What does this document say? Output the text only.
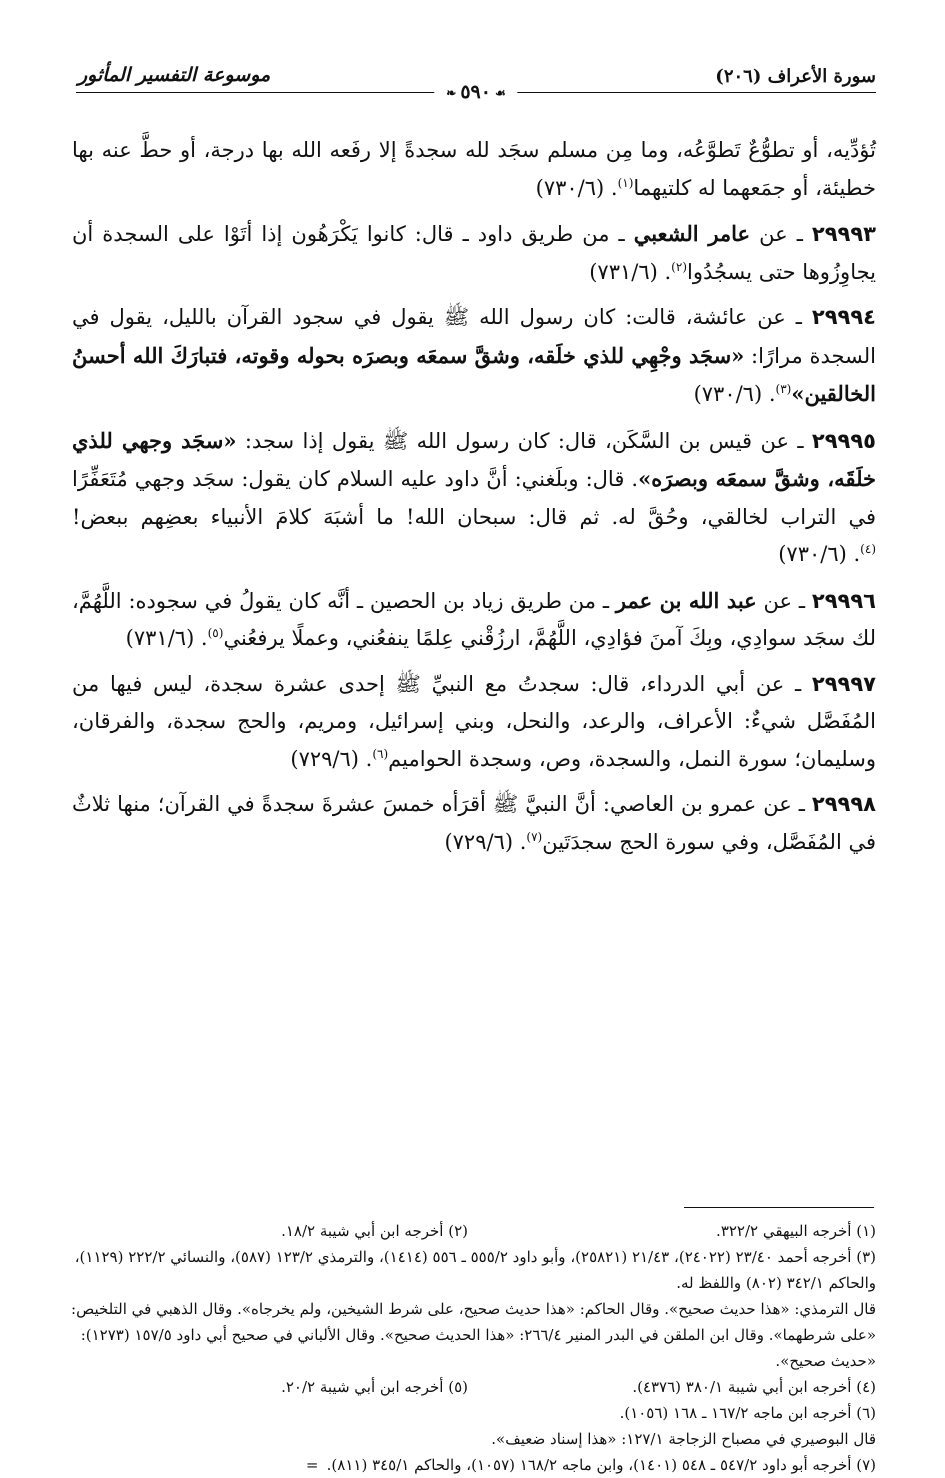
موسوعة التفسير المأثور	سورة الأعراف (٢٠٦)
❧ ٥٩٠ ☙

تُؤدِّيه، أو تطوُّعٌ تَطوَّعُه، وما مِن مسلم سجَد لله سجدةً إلا رفَعه الله بها درجة، أو حطَّ عنه بها خطيئة، أو جمَعهما له كلتيهما$^{(١)}$. (٧٣٠/٦)

٢٩٩٩٣ ـ عن عامر الشعبي ـ من طريق داود ـ قال: كانوا يَكْرَهُون إذا أتَوْا على السجدة أن يجاوِزُوها حتى يسجُدُوا$^{(٢)}$. (٧٣١/٦)

٢٩٩٩٤ ـ عن عائشة، قالت: كان رسول الله ﷺ يقول في سجود القرآن بالليل، يقول في السجدة مرارًا: «سجَد وجْهِي للذي خلَقه، وشقَّ سمعَه وبصرَه بحوله وقوته، فتبارَكَ الله أحسنُ الخالقين»$^{(٣)}$. (٧٣٠/٦)

٢٩٩٩٥ ـ عن قيس بن السَّكَن، قال: كان رسول الله ﷺ يقول إذا سجد: «سجَد وجهي للذي خلَقَه، وشقَّ سمعَه وبصرَه». قال: وبلَغني: أنَّ داود عليه السلام كان يقول: سجَد وجهي مُتَعَفِّرًا في التراب لخالقي، وحُقَّ له. ثم قال: سبحان الله! ما أشبَهَ كلامَ الأنبياء بعضِهم ببعض!$^{(٤)}$. (٧٣٠/٦)

٢٩٩٩٦ ـ عن عبد الله بن عمر ـ من طريق زياد بن الحصين ـ أنَّه كان يقولُ في سجوده: اللَّهُمَّ، لك سجَد سوادِي، وبِكَ آمنَ فؤادِي، اللَّهُمَّ، ارزُقْني عِلمًا ينفعُني، وعملًا يرفعُني$^{(٥)}$. (٧٣١/٦)

٢٩٩٩٧ ـ عن أبي الدرداء، قال: سجدتُ مع النبيِّ ﷺ إحدى عشرة سجدة، ليس فيها من المُفَصَّل شيءٌ: الأعراف، والرعد، والنحل، وبني إسرائيل، ومريم، والحج سجدة، والفرقان، وسليمان؛ سورة النمل، والسجدة، وص، وسجدة الحواميم$^{(٦)}$. (٧٢٩/٦)

٢٩٩٩٨ ـ عن عمرو بن العاصي: أنَّ النبيَّ ﷺ أقرَأه خمسَ عشرةَ سجدةً في القرآن؛ منها ثلاثٌ في المُفَصَّل، وفي سورة الحج سجدَتَين$^{(٧)}$. (٧٢٩/٦)

(١) أخرجه البيهقي ٣٢٢/٢.
(٢) أخرجه ابن أبي شيبة ١٨/٢.

(٣) أخرجه أحمد ٢٣/٤٠ (٢٤٠٢٢)، ٢١/٤٣ (٢٥٨٢١)، وأبو داود ٥٥٥/٢ ـ ٥٥٦ (١٤١٤)، والترمذي ١٢٣/٢ (٥٨٧)، والنسائي ٢٢٢/٢ (١١٢٩)، والحاكم ٣٤٢/١ (٨٠٢) واللفظ له.

قال الترمذي: «هذا حديث صحيح». وقال الحاكم: «هذا حديث صحيح، على شرط الشيخين، ولم يخرجاه». وقال الذهبي في التلخيص: «على شرطهما». وقال ابن الملقن في البدر المنير ٢٦٦/٤: «هذا الحديث صحيح». وقال الألباني في صحيح أبي داود ١٥٧/٥ (١٢٧٣): «حديث صحيح».

(٤) أخرجه ابن أبي شيبة ٣٨٠/١ (٤٣٧٦).
(٥) أخرجه ابن أبي شيبة ٢٠/٢.

(٦) أخرجه ابن ماجه ١٦٧/٢ ـ ١٦٨ (١٠٥٦).

قال البوصيري في مصباح الزجاجة ١٢٧/١: «هذا إسناد ضعيف».

(٧) أخرجه أبو داود ٥٤٧/٢ ـ ٥٤٨ (١٤٠١)، وابن ماجه ١٦٨/٢ (١٠٥٧)، والحاكم ٣٤٥/١ (٨١١). =
